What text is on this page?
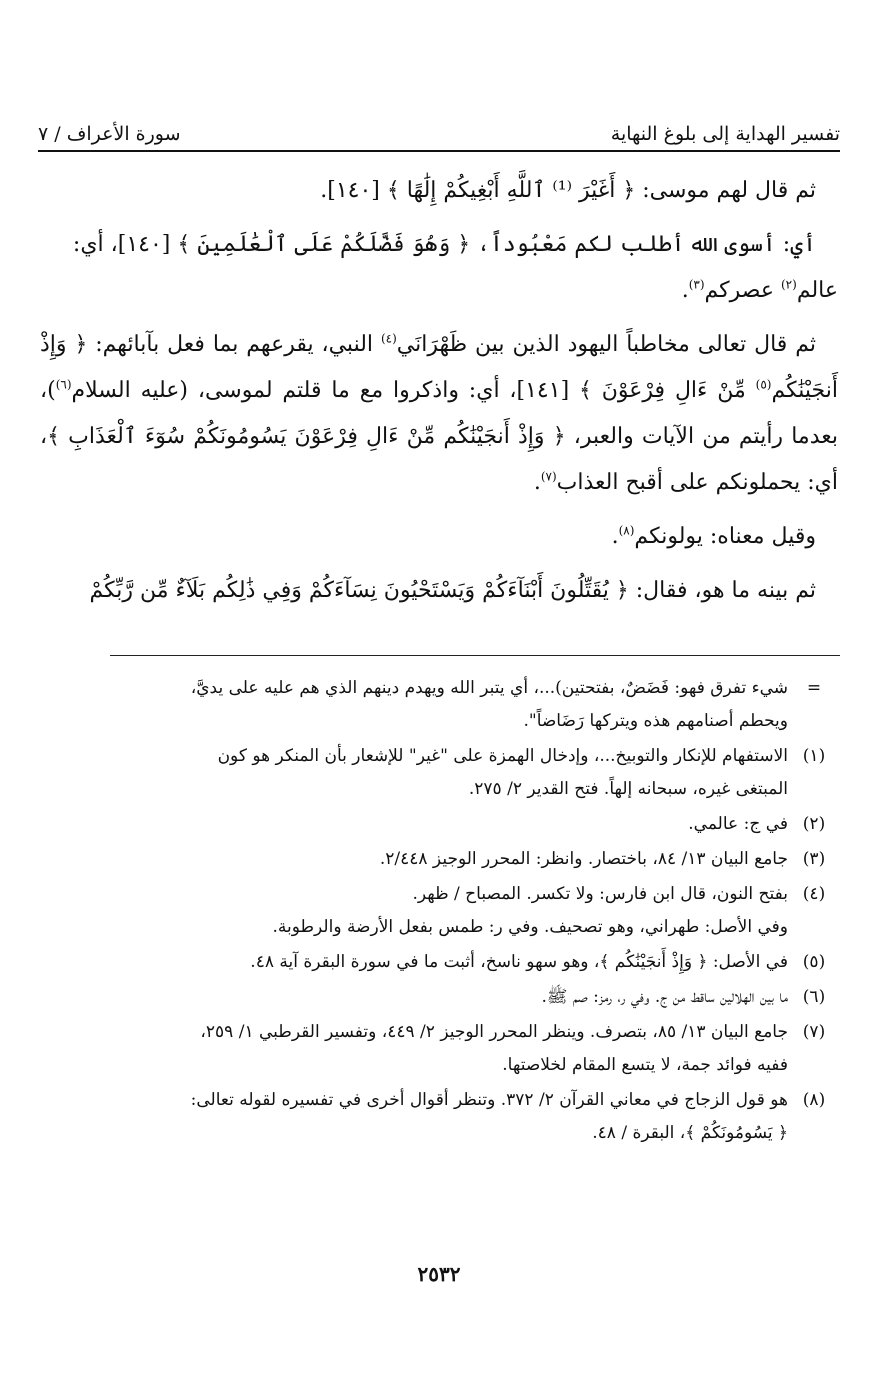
تفسير الهداية إلى بلوغ النهاية
سورة الأعراف / ٧

ثم قال لهم موسى: ﴿ أَغَيْرَ ⁽¹⁾ ٱللَّهِ أَبْغِيكُمْ إِلَٰهًا ﴾ [١٤٠].

أي: أسوى الله أطلب لكم مَعْبُوداً، ﴿ وَهُوَ فَضَّلَكُمْ عَلَى ٱلْعَٰلَمِينَ ﴾ [١٤٠]، أي:
عالم$^{(٢)}$ عصركم$^{(٣)}$.

ثم قال تعالى مخاطباً اليهود الذين بين ظَهْرَانَي$^{(٤)}$ النبي، يقرعهم بما فعل بآبائهم: ﴿ وَإِذْ أَنجَيْنَٰكُم$^{(٥)}$ مِّنْ ءَالِ فِرْعَوْنَ ﴾ [١٤١]، أي: واذكروا مع ما قلتم لموسى، (عليه السلام$^{(٦)}$)، بعدما رأيتم من الآيات والعبر، ﴿ وَإِذْ أَنجَيْنَٰكُم مِّنْ ءَالِ فِرْعَوْنَ يَسُومُونَكُمْ سُوٓءَ ٱلْعَذَابِ ﴾، أي: يحملونكم على أقبح العذاب$^{(٧)}$.

وقيل معناه: يولونكم$^{(٨)}$.

ثم بينه ما هو، فقال: ﴿ يُقَتِّلُونَ أَبْنَآءَكُمْ وَيَسْتَحْيُونَ نِسَآءَكُمْ وَفِي ذَٰلِكُم بَلَآءٌ مِّن رَّبِّكُمْ

=

شيء تفرق فهو: فَضَضٌ، بفتحتين)...، أي يتبر الله ويهدم دينهم الذي هم عليه على يديَّ،

ويحطم أصنامهم هذه ويتركها رَضَاضاً".

(١)

الاستفهام للإنكار والتوبيخ...، وإدخال الهمزة على "غير" للإشعار بأن المنكر هو كون

المبتغى غيره، سبحانه إلهاً. فتح القدير ٢/ ٢٧٥.

(٢)

في ج: عالمي.

(٣)

جامع البيان ١٣/ ٨٤، باختصار. وانظر: المحرر الوجيز ٢/٤٤٨.

(٤)

بفتح النون، قال ابن فارس: ولا تكسر. المصباح / ظهر.

وفي الأصل: طهراني، وهو تصحيف. وفي ر: طمس بفعل الأرضة والرطوبة.

(٥)

في الأصل: ﴿ وَإِذْ أَنجَيْنَٰكُم ﴾، وهو سهو ناسخ، أثبت ما في سورة البقرة آية ٤٨.

(٦)

ما بين الهلالين ساقط من ج. وفي ر، رمز: صم ﷺ.

(٧)

جامع البيان ١٣/ ٨٥، بتصرف. وينظر المحرر الوجيز ٢/ ٤٤٩، وتفسير القرطبي ١/ ٢٥٩،

ففيه فوائد جمة، لا يتسع المقام لخلاصتها.

(٨)

هو قول الزجاج في معاني القرآن ٢/ ٣٧٢. وتنظر أقوال أخرى في تفسيره لقوله تعالى:

﴿ يَسُومُونَكُمْ ﴾، البقرة / ٤٨.

٢٥٣٢
